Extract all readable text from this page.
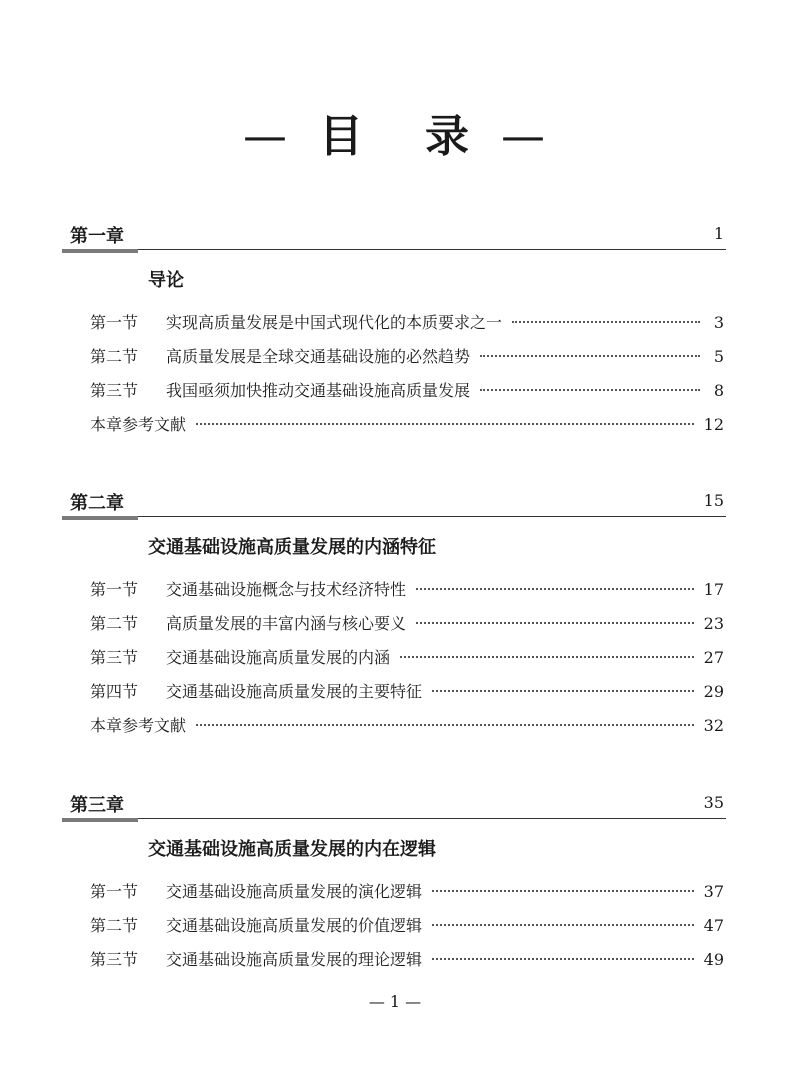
— 目 录 —
第一章	1
导论
第一节	实现高质量发展是中国式现代化的本质要求之一	3
第二节	高质量发展是全球交通基础设施的必然趋势	5
第三节	我国亟须加快推动交通基础设施高质量发展	8
本章参考文献	12
第二章	15
交通基础设施高质量发展的内涵特征
第一节	交通基础设施概念与技术经济特性	17
第二节	高质量发展的丰富内涵与核心要义	23
第三节	交通基础设施高质量发展的内涵	27
第四节	交通基础设施高质量发展的主要特征	29
本章参考文献	32
第三章	35
交通基础设施高质量发展的内在逻辑
第一节	交通基础设施高质量发展的演化逻辑	37
第二节	交通基础设施高质量发展的价值逻辑	47
第三节	交通基础设施高质量发展的理论逻辑	49
— 1 —
